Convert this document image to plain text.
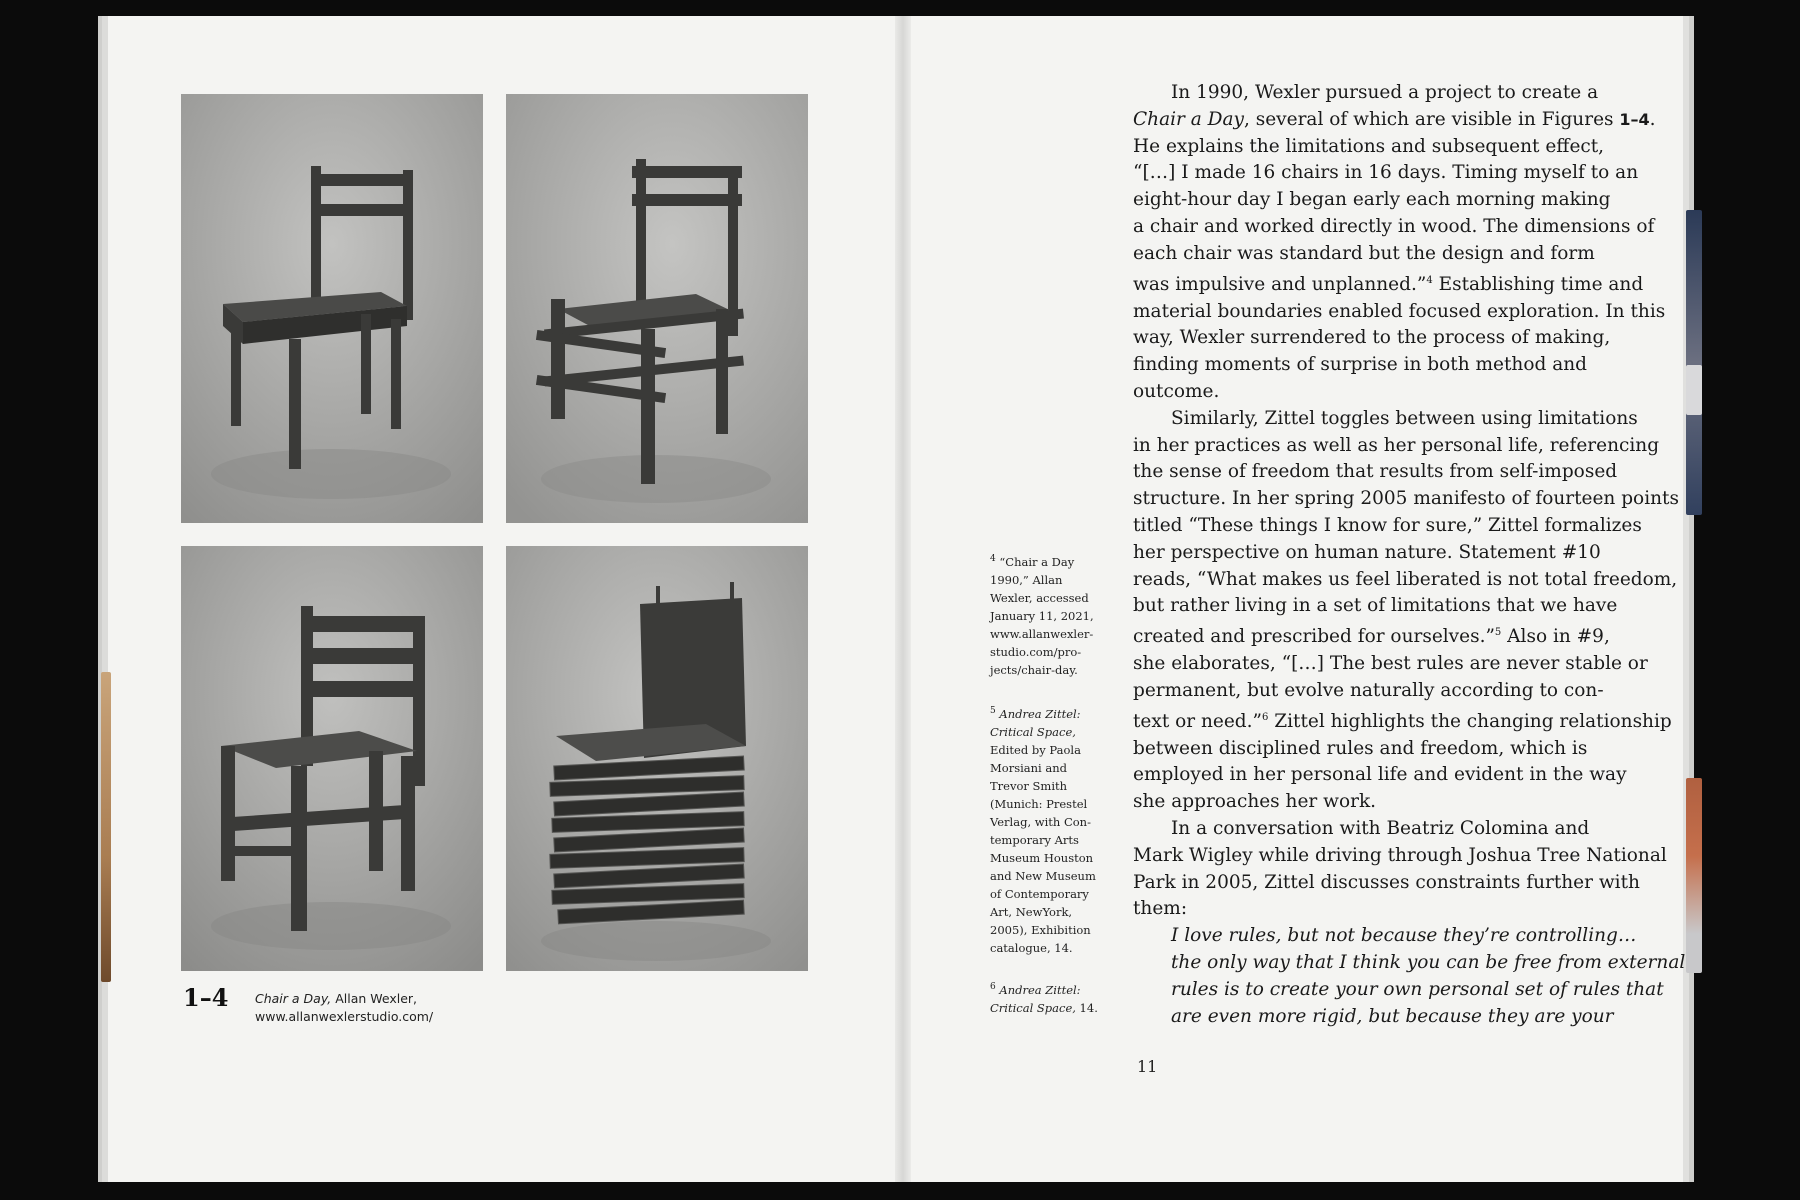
1–4 Chair a Day, Allan Wexler,
www.allanwexlerstudio.com/
$^4$ “Chair a Day
1990,” Allan
Wexler, accessed
January 11, 2021,
www.allanwexler-
studio.com/pro-
jects/chair-day.
$^5$ Andrea Zittel:
Critical Space,
Edited by Paola
Morsiani and
Trevor Smith
(Munich: Prestel
Verlag, with Con-
temporary Arts
Museum Houston
and New Museum
of Contemporary
Art, NewYork,
2005), Exhibition
catalogue, 14.
$^6$ Andrea Zittel:
Critical Space, 14.

In 1990, Wexler pursued a project to create a
Chair a Day, several of which are visible in Figures 1–4.
He explains the limitations and subsequent effect,
“[…] I made 16 chairs in 16 days. Timing myself to an
eight-hour day I began early each morning making
a chair and worked directly in wood. The dimensions of
each chair was standard but the design and form
was impulsive and unplanned.”$^4$ Establishing time and
material boundaries enabled focused exploration. In this
way, Wexler surrendered to the process of making,
finding moments of surprise in both method and
outcome.

Similarly, Zittel toggles between using limitations
in her practices as well as her personal life, referencing
the sense of freedom that results from self-imposed
structure. In her spring 2005 manifesto of fourteen points
titled “These things I know for sure,” Zittel formalizes
her perspective on human nature. Statement #10
reads, “What makes us feel liberated is not total freedom,
but rather living in a set of limitations that we have
created and prescribed for ourselves.”$^5$ Also in #9,
she elaborates, “[…] The best rules are never stable or
permanent, but evolve naturally according to con-
text or need.”$^6$ Zittel highlights the changing relationship
between disciplined rules and freedom, which is
employed in her personal life and evident in the way
she approaches her work.

In a conversation with Beatriz Colomina and
Mark Wigley while driving through Joshua Tree National
Park in 2005, Zittel discusses constraints further with
them:

I love rules, but not because they’re controlling…
the only way that I think you can be free from external
rules is to create your own personal set of rules that
are even more rigid, but because they are your

11
